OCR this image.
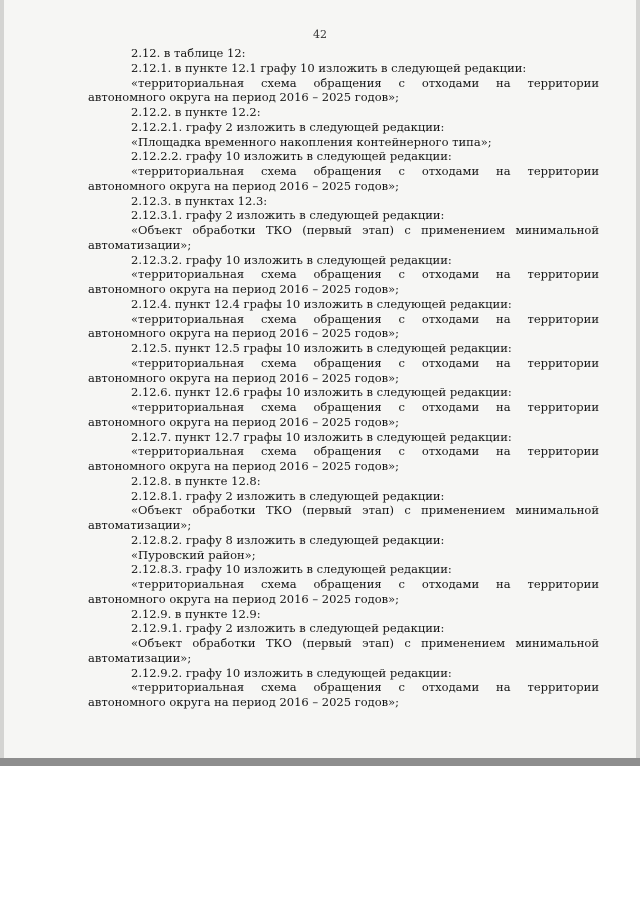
42
2.12. в таблице 12:
2.12.1. в пункте 12.1 графу 10 изложить в следующей редакции:
«территориальная схема обращения с отходами на территории
автономного округа на период 2016 – 2025 годов»;
2.12.2. в пункте 12.2:
2.12.2.1. графу 2 изложить в следующей редакции:
«Площадка временного накопления контейнерного типа»;
2.12.2.2. графу 10 изложить в следующей редакции:
«территориальная схема обращения с отходами на территории
автономного округа на период 2016 – 2025 годов»;
2.12.3. в пунктах 12.3:
2.12.3.1. графу 2 изложить в следующей редакции:
«Объект обработки ТКО (первый этап) с применением минимальной
автоматизации»;
2.12.3.2. графу 10 изложить в следующей редакции:
«территориальная схема обращения с отходами на территории
автономного округа на период 2016 – 2025 годов»;
2.12.4. пункт 12.4 графы 10 изложить в следующей редакции:
«территориальная схема обращения с отходами на территории
автономного округа на период 2016 – 2025 годов»;
2.12.5. пункт 12.5 графы 10 изложить в следующей редакции:
«территориальная схема обращения с отходами на территории
автономного округа на период 2016 – 2025 годов»;
2.12.6. пункт 12.6 графы 10 изложить в следующей редакции:
«территориальная схема обращения с отходами на территории
автономного округа на период 2016 – 2025 годов»;
2.12.7. пункт 12.7 графы 10 изложить в следующей редакции:
«территориальная схема обращения с отходами на территории
автономного округа на период 2016 – 2025 годов»;
2.12.8. в пункте 12.8:
2.12.8.1. графу 2 изложить в следующей редакции:
«Объект обработки ТКО (первый этап) с применением минимальной
автоматизации»;
2.12.8.2. графу 8 изложить в следующей редакции:
«Пуровский район»;
2.12.8.3. графу 10 изложить в следующей редакции:
«территориальная схема обращения с отходами на территории
автономного округа на период 2016 – 2025 годов»;
2.12.9. в пункте 12.9:
2.12.9.1. графу 2 изложить в следующей редакции:
«Объект обработки ТКО (первый этап) с применением минимальной
автоматизации»;
2.12.9.2. графу 10 изложить в следующей редакции:
«территориальная схема обращения с отходами на территории
автономного округа на период 2016 – 2025 годов»;
